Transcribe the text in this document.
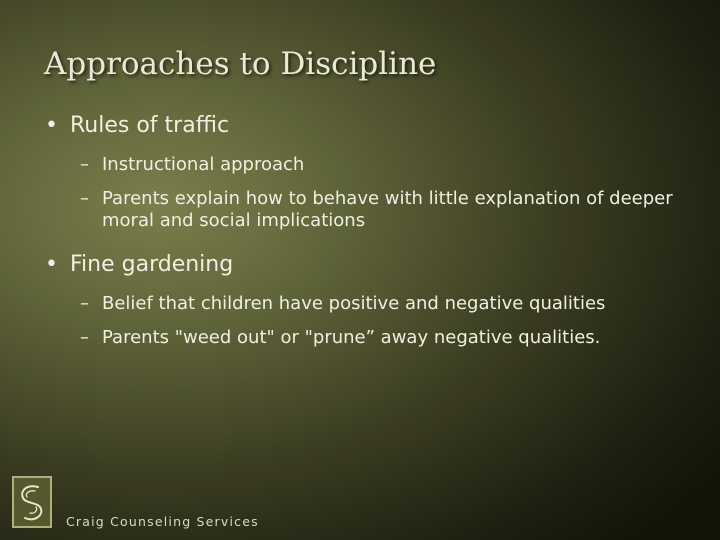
Approaches to Discipline
• Rules of traffic
– Instructional approach
– Parents explain how to behave with little explanation of deeper moral and social implications
• Fine gardening
– Belief that children have positive and negative qualities
– Parents "weed out" or "prune” away negative qualities.
Craig Counseling Services
